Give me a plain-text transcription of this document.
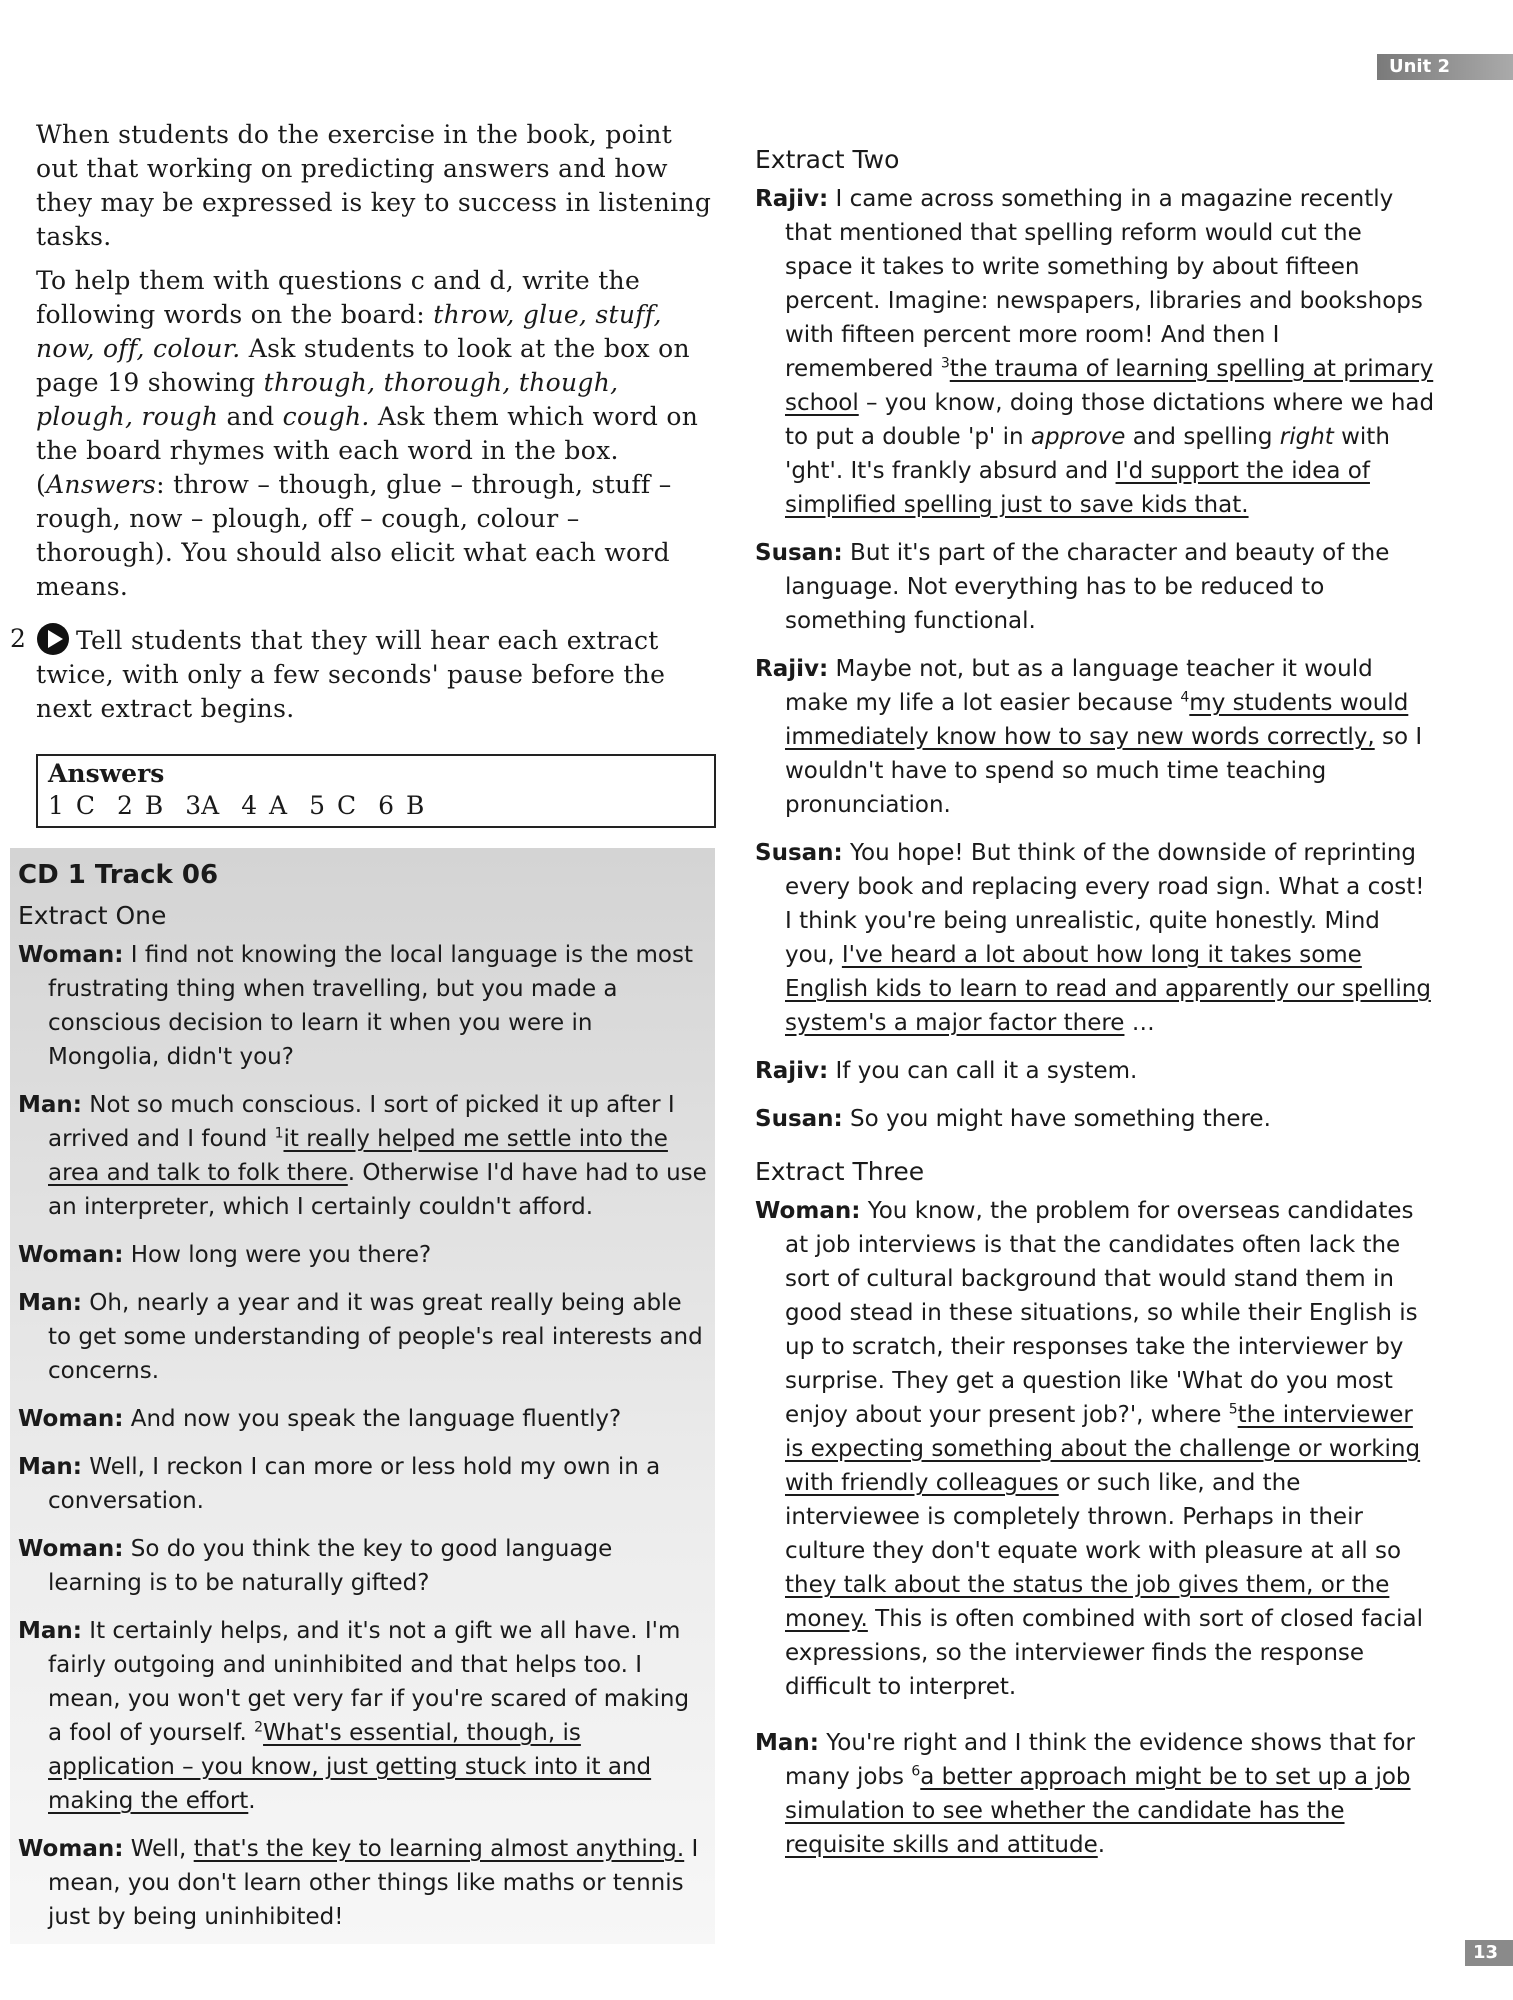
Unit 2

When students do the exercise in the book, point out that working on predicting answers and how they may be expressed is key to success in listening tasks.

To help them with questions c and d, write the following words on the board: throw, glue, stuff, now, off, colour. Ask students to look at the box on page 19 showing through, thorough, though, plough, rough and cough. Ask them which word on the board rhymes with each word in the box. (Answers: throw – though, glue – through, stuff – rough, now – plough, off – cough, colour – thorough). You should also elicit what each word means.

2	Tell students that they will hear each extract twice, with only a few seconds' pause before the next extract begins.
Answers
1 C 2 B 3A 4 A 5 C 6 B
CD 1 Track 06
Extract One
Woman: I find not knowing the local language is the most frustrating thing when travelling, but you made a conscious decision to learn it when you were in Mongolia, didn't you?
Man: Not so much conscious. I sort of picked it up after I arrived and I found $^1$it really helped me settle into the area and talk to folk there. Otherwise I'd have had to use an interpreter, which I certainly couldn't afford.
Woman: How long were you there?
Man: Oh, nearly a year and it was great really being able to get some understanding of people's real interests and concerns.
Woman: And now you speak the language fluently?
Man: Well, I reckon I can more or less hold my own in a conversation.
Woman: So do you think the key to good language learning is to be naturally gifted?
Man: It certainly helps, and it's not a gift we all have. I'm fairly outgoing and uninhibited and that helps too. I mean, you won't get very far if you're scared of making a fool of yourself. $^2$What's essential, though, is application – you know, just getting stuck into it and making the effort.
Woman: Well, that's the key to learning almost anything. I mean, you don't learn other things like maths or tennis just by being uninhibited!
Extract Two
Rajiv: I came across something in a magazine recently that mentioned that spelling reform would cut the space it takes to write something by about fifteen percent. Imagine: newspapers, libraries and bookshops with fifteen percent more room! And then I remembered $^3$the trauma of learning spelling at primary school – you know, doing those dictations where we had to put a double 'p' in approve and spelling right with 'ght'. It's frankly absurd and I'd support the idea of simplified spelling just to save kids that.
Susan: But it's part of the character and beauty of the language. Not everything has to be reduced to something functional.
Rajiv: Maybe not, but as a language teacher it would make my life a lot easier because $^4$my students would immediately know how to say new words correctly, so I wouldn't have to spend so much time teaching pronunciation.
Susan: You hope! But think of the downside of reprinting every book and replacing every road sign. What a cost! I think you're being unrealistic, quite honestly. Mind you, I've heard a lot about how long it takes some English kids to learn to read and apparently our spelling system's a major factor there …
Rajiv: If you can call it a system.
Susan: So you might have something there.
Extract Three
Woman: You know, the problem for overseas candidates at job interviews is that the candidates often lack the sort of cultural background that would stand them in good stead in these situations, so while their English is up to scratch, their responses take the interviewer by surprise. They get a question like 'What do you most enjoy about your present job?', where $^5$the interviewer is expecting something about the challenge or working with friendly colleagues or such like, and the interviewee is completely thrown. Perhaps in their culture they don't equate work with pleasure at all so they talk about the status the job gives them, or the money. This is often combined with sort of closed facial expressions, so the interviewer finds the response difficult to interpret.
Man: You're right and I think the evidence shows that for many jobs $^6$a better approach might be to set up a job simulation to see whether the candidate has the requisite skills and attitude.
13
